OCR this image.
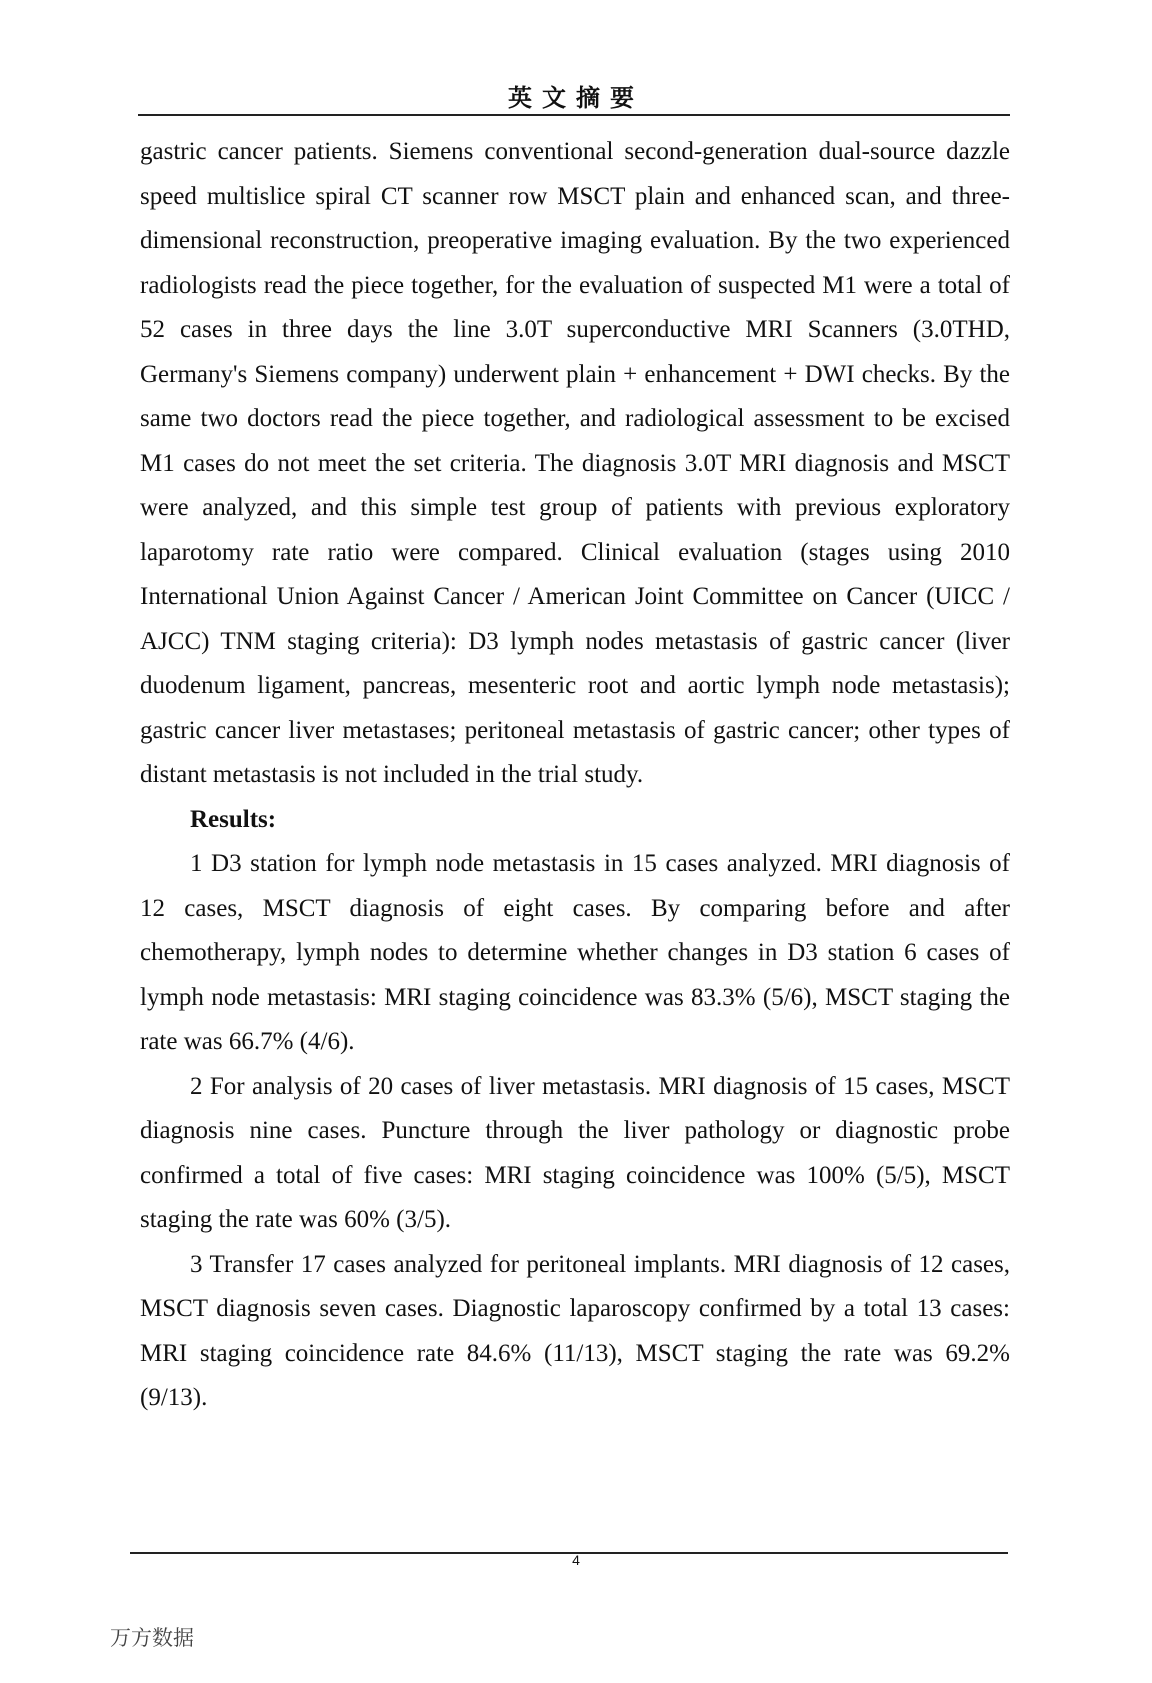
英文摘要

gastric cancer patients. Siemens conventional second-generation dual-source dazzle speed multislice spiral CT scanner row MSCT plain and enhanced scan, and three-dimensional reconstruction, preoperative imaging evaluation. By the two experienced radiologists read the piece together, for the evaluation of suspected M1 were a total of 52 cases in three days the line 3.0T superconductive MRI Scanners (3.0THD, Germany's Siemens company) underwent plain + enhancement + DWI checks. By the same two doctors read the piece together, and radiological assessment to be excised M1 cases do not meet the set criteria. The diagnosis 3.0T MRI diagnosis and MSCT were analyzed, and this simple test group of patients with previous exploratory laparotomy rate ratio were compared. Clinical evaluation (stages using 2010 International Union Against Cancer / American Joint Committee on Cancer (UICC / AJCC) TNM staging criteria): D3 lymph nodes metastasis of gastric cancer (liver duodenum ligament, pancreas, mesenteric root and aortic lymph node metastasis); gastric cancer liver metastases; peritoneal metastasis of gastric cancer; other types of distant metastasis is not included in the trial study.

Results:

1 D3 station for lymph node metastasis in 15 cases analyzed. MRI diagnosis of 12 cases, MSCT diagnosis of eight cases. By comparing before and after chemotherapy, lymph nodes to determine whether changes in D3 station 6 cases of lymph node metastasis: MRI staging coincidence was 83.3% (5/6), MSCT staging the rate was 66.7% (4/6).

2 For analysis of 20 cases of liver metastasis. MRI diagnosis of 15 cases, MSCT diagnosis nine cases. Puncture through the liver pathology or diagnostic probe confirmed a total of five cases: MRI staging coincidence was 100% (5/5), MSCT staging the rate was 60% (3/5).

3 Transfer 17 cases analyzed for peritoneal implants. MRI diagnosis of 12 cases, MSCT diagnosis seven cases. Diagnostic laparoscopy confirmed by a total 13 cases: MRI staging coincidence rate 84.6% (11/13), MSCT staging the rate was 69.2% (9/13).

4
万方数据
